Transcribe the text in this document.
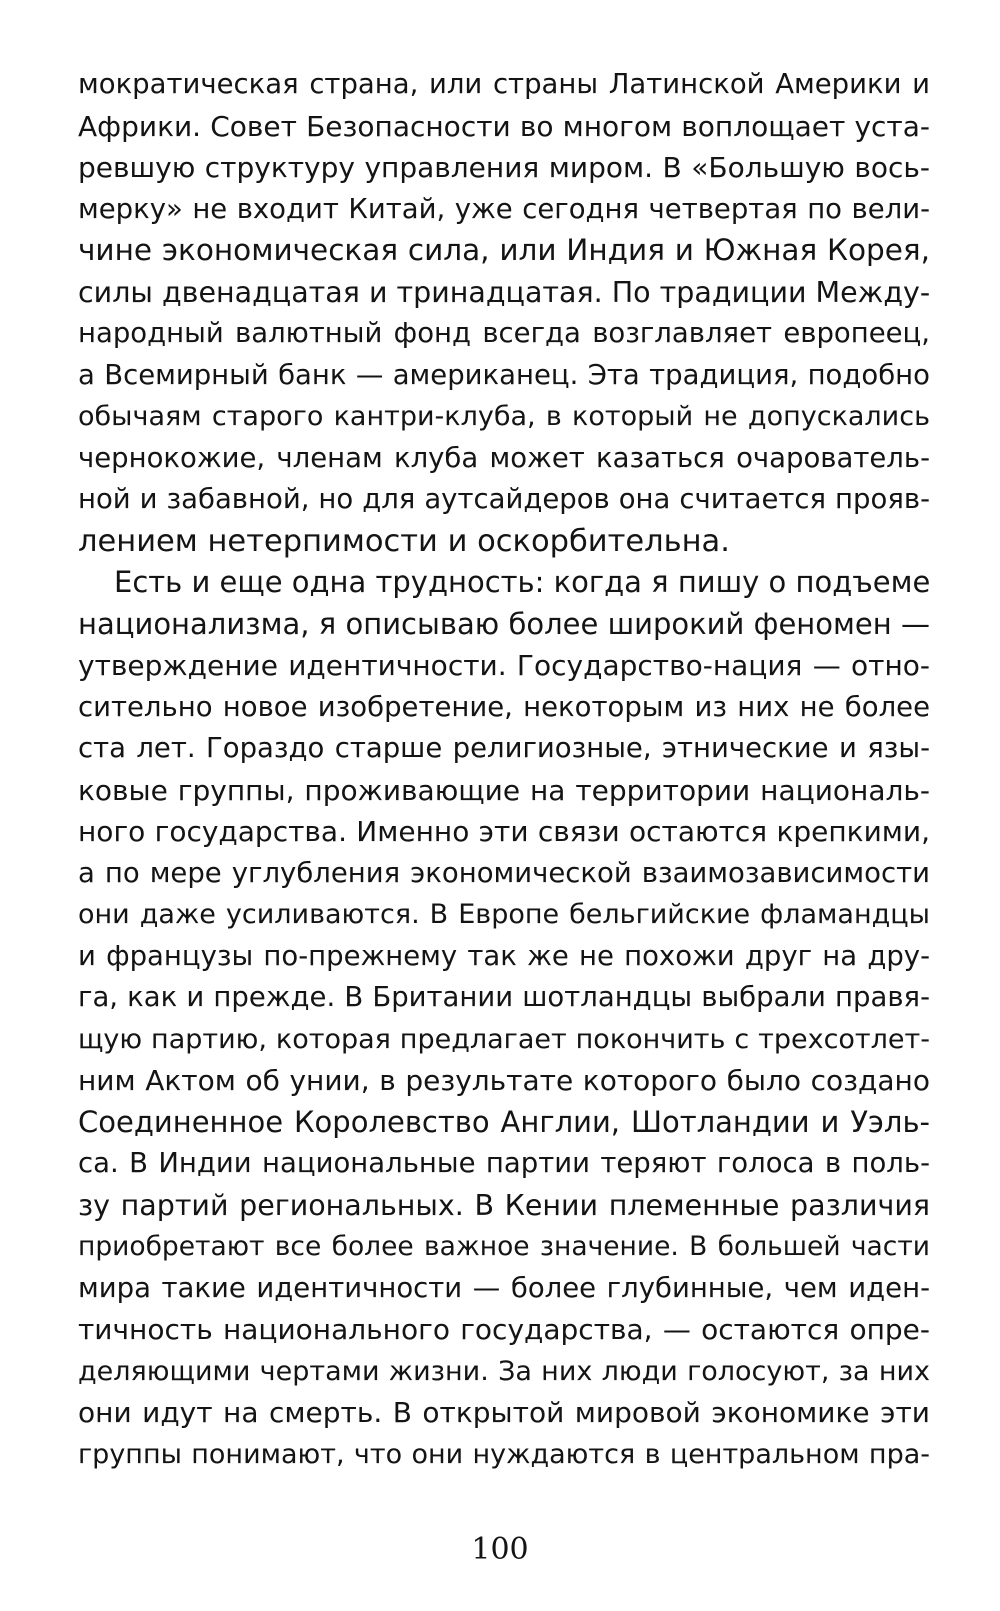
мократическая страна, или страны Латинской Америки и
Африки. Совет Безопасности во многом воплощает уста-
ревшую структуру управления миром. В «Большую вось-
мерку» не входит Китай, уже сегодня четвертая по вели-
чине экономическая сила, или Индия и Южная Корея,
силы двенадцатая и тринадцатая. По традиции Между-
народный валютный фонд всегда возглавляет европеец,
а Всемирный банк — американец. Эта традиция, подобно
обычаям старого кантри-клуба, в который не допускались
чернокожие, членам клуба может казаться очарователь-
ной и забавной, но для аутсайдеров она считается прояв-
лением нетерпимости и оскорбительна.
Есть и еще одна трудность: когда я пишу о подъеме
национализма, я описываю более широкий феномен —
утверждение идентичности. Государство-нация — отно-
сительно новое изобретение, некоторым из них не более
ста лет. Гораздо старше религиозные, этнические и язы-
ковые группы, проживающие на территории националь-
ного государства. Именно эти связи остаются крепкими,
а по мере углубления экономической взаимозависимости
они даже усиливаются. В Европе бельгийские фламандцы
и французы по-прежнему так же не похожи друг на дру-
га, как и прежде. В Британии шотландцы выбрали правя-
щую партию, которая предлагает покончить с трехсотлет-
ним Актом об унии, в результате которого было создано
Соединенное Королевство Англии, Шотландии и Уэль-
са. В Индии национальные партии теряют голоса в поль-
зу партий региональных. В Кении племенные различия
приобретают все более важное значение. В большей части
мира такие идентичности — более глубинные, чем иден-
тичность национального государства, — остаются опре-
деляющими чертами жизни. За них люди голосуют, за них
они идут на смерть. В открытой мировой экономике эти
группы понимают, что они нуждаются в центральном пра-
100
